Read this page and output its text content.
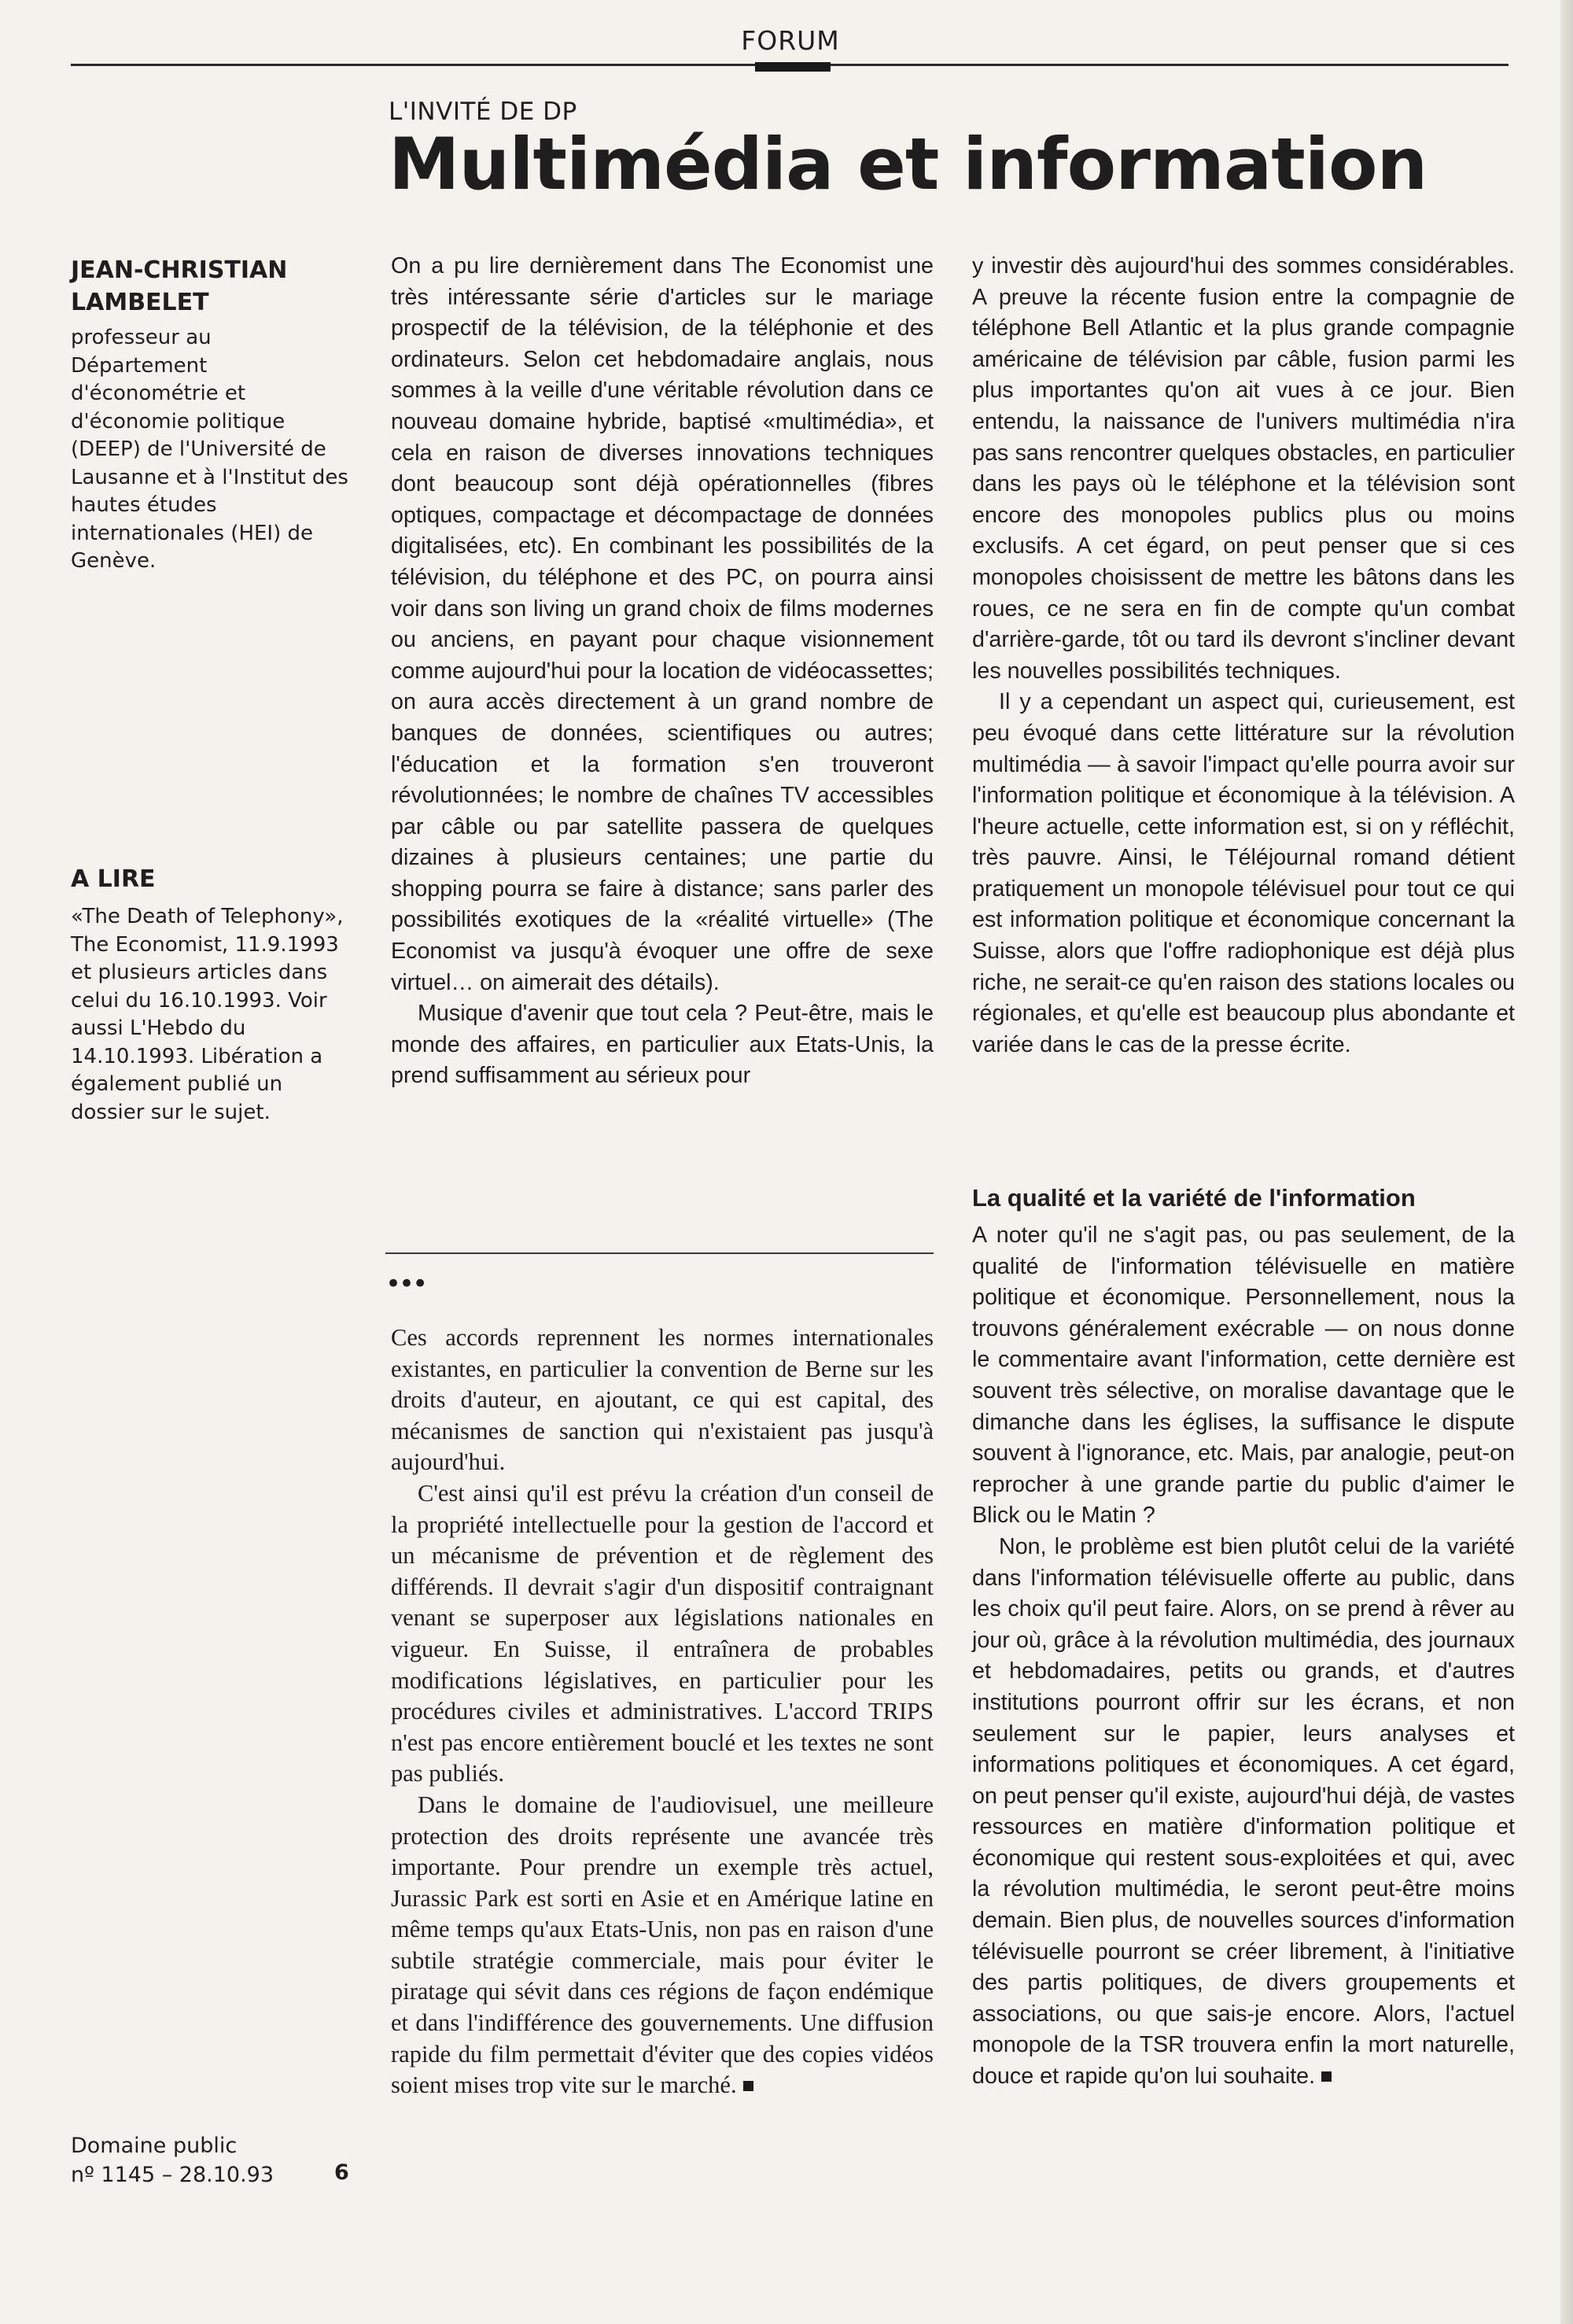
FORUM
L'INVITÉ DE DP
Multimédia et information
JEAN-CHRISTIAN LAMBELET
professeur au Département d'économétrie et d'économie politique (DEEP) de l'Université de Lausanne et à l'Institut des hautes études internationales (HEI) de Genève.
A LIRE
«The Death of Telephony», The Economist, 11.9.1993 et plusieurs articles dans celui du 16.10.1993. Voir aussi L'Hebdo du 14.10.1993. Libération a également publié un dossier sur le sujet.
Domaine public
nº 1145 – 28.10.93	6

On a pu lire dernièrement dans The Economist une très intéressante série d'articles sur le mariage prospectif de la télévision, de la téléphonie et des ordinateurs. Selon cet hebdomadaire anglais, nous sommes à la veille d'une véritable révolution dans ce nouveau domaine hybride, baptisé «multimédia», et cela en raison de diverses innovations techniques dont beaucoup sont déjà opérationnelles (fibres optiques, compactage et décompactage de données digitalisées, etc). En combinant les possibilités de la télévision, du téléphone et des PC, on pourra ainsi voir dans son living un grand choix de films modernes ou anciens, en payant pour chaque visionnement comme aujourd'hui pour la location de vidéocassettes; on aura accès directement à un grand nombre de banques de données, scientifiques ou autres; l'éducation et la formation s'en trouveront révolutionnées; le nombre de chaînes TV accessibles par câble ou par satellite passera de quelques dizaines à plusieurs centaines; une partie du shopping pourra se faire à distance; sans parler des possibilités exotiques de la «réalité virtuelle» (The Economist va jusqu'à évoquer une offre de sexe virtuel… on aimerait des détails).

Musique d'avenir que tout cela ? Peut-être, mais le monde des affaires, en particulier aux Etats-Unis, la prend suffisamment au sérieux pour

•••

Ces accords reprennent les normes internationales existantes, en particulier la convention de Berne sur les droits d'auteur, en ajoutant, ce qui est capital, des mécanismes de sanction qui n'existaient pas jusqu'à aujourd'hui.

C'est ainsi qu'il est prévu la création d'un conseil de la propriété intellectuelle pour la gestion de l'accord et un mécanisme de prévention et de règlement des différends. Il devrait s'agir d'un dispositif contraignant venant se superposer aux législations nationales en vigueur. En Suisse, il entraînera de probables modifications législatives, en particulier pour les procédures civiles et administratives. L'accord TRIPS n'est pas encore entièrement bouclé et les textes ne sont pas publiés.

Dans le domaine de l'audiovisuel, une meilleure protection des droits représente une avancée très importante. Pour prendre un exemple très actuel, Jurassic Park est sorti en Asie et en Amérique latine en même temps qu'aux Etats-Unis, non pas en raison d'une subtile stratégie commerciale, mais pour éviter le piratage qui sévit dans ces régions de façon endémique et dans l'indifférence des gouvernements. Une diffusion rapide du film permettait d'éviter que des copies vidéos soient mises trop vite sur le marché.

y investir dès aujourd'hui des sommes considérables. A preuve la récente fusion entre la compagnie de téléphone Bell Atlantic et la plus grande compagnie américaine de télévision par câble, fusion parmi les plus importantes qu'on ait vues à ce jour. Bien entendu, la naissance de l'univers multimédia n'ira pas sans rencontrer quelques obstacles, en particulier dans les pays où le téléphone et la télévision sont encore des monopoles publics plus ou moins exclusifs. A cet égard, on peut penser que si ces monopoles choisissent de mettre les bâtons dans les roues, ce ne sera en fin de compte qu'un combat d'arrière-garde, tôt ou tard ils devront s'incliner devant les nouvelles possibilités techniques.

Il y a cependant un aspect qui, curieusement, est peu évoqué dans cette littérature sur la révolution multimédia — à savoir l'impact qu'elle pourra avoir sur l'information politique et économique à la télévision. A l'heure actuelle, cette information est, si on y réfléchit, très pauvre. Ainsi, le Téléjournal romand détient pratiquement un monopole télévisuel pour tout ce qui est information politique et économique concernant la Suisse, alors que l'offre radiophonique est déjà plus riche, ne serait-ce qu'en raison des stations locales ou régionales, et qu'elle est beaucoup plus abondante et variée dans le cas de la presse écrite.

La qualité et la variété de l'information

A noter qu'il ne s'agit pas, ou pas seulement, de la qualité de l'information télévisuelle en matière politique et économique. Personnellement, nous la trouvons généralement exécrable — on nous donne le commentaire avant l'information, cette dernière est souvent très sélective, on moralise davantage que le dimanche dans les églises, la suffisance le dispute souvent à l'ignorance, etc. Mais, par analogie, peut-on reprocher à une grande partie du public d'aimer le Blick ou le Matin ?

Non, le problème est bien plutôt celui de la variété dans l'information télévisuelle offerte au public, dans les choix qu'il peut faire. Alors, on se prend à rêver au jour où, grâce à la révolution multimédia, des journaux et hebdomadaires, petits ou grands, et d'autres institutions pourront offrir sur les écrans, et non seulement sur le papier, leurs analyses et informations politiques et économiques. A cet égard, on peut penser qu'il existe, aujourd'hui déjà, de vastes ressources en matière d'information politique et économique qui restent sous-exploitées et qui, avec la révolution multimédia, le seront peut-être moins demain. Bien plus, de nouvelles sources d'information télévisuelle pourront se créer librement, à l'initiative des partis politiques, de divers groupements et associations, ou que sais-je encore. Alors, l'actuel monopole de la TSR trouvera enfin la mort naturelle, douce et rapide qu'on lui souhaite.
